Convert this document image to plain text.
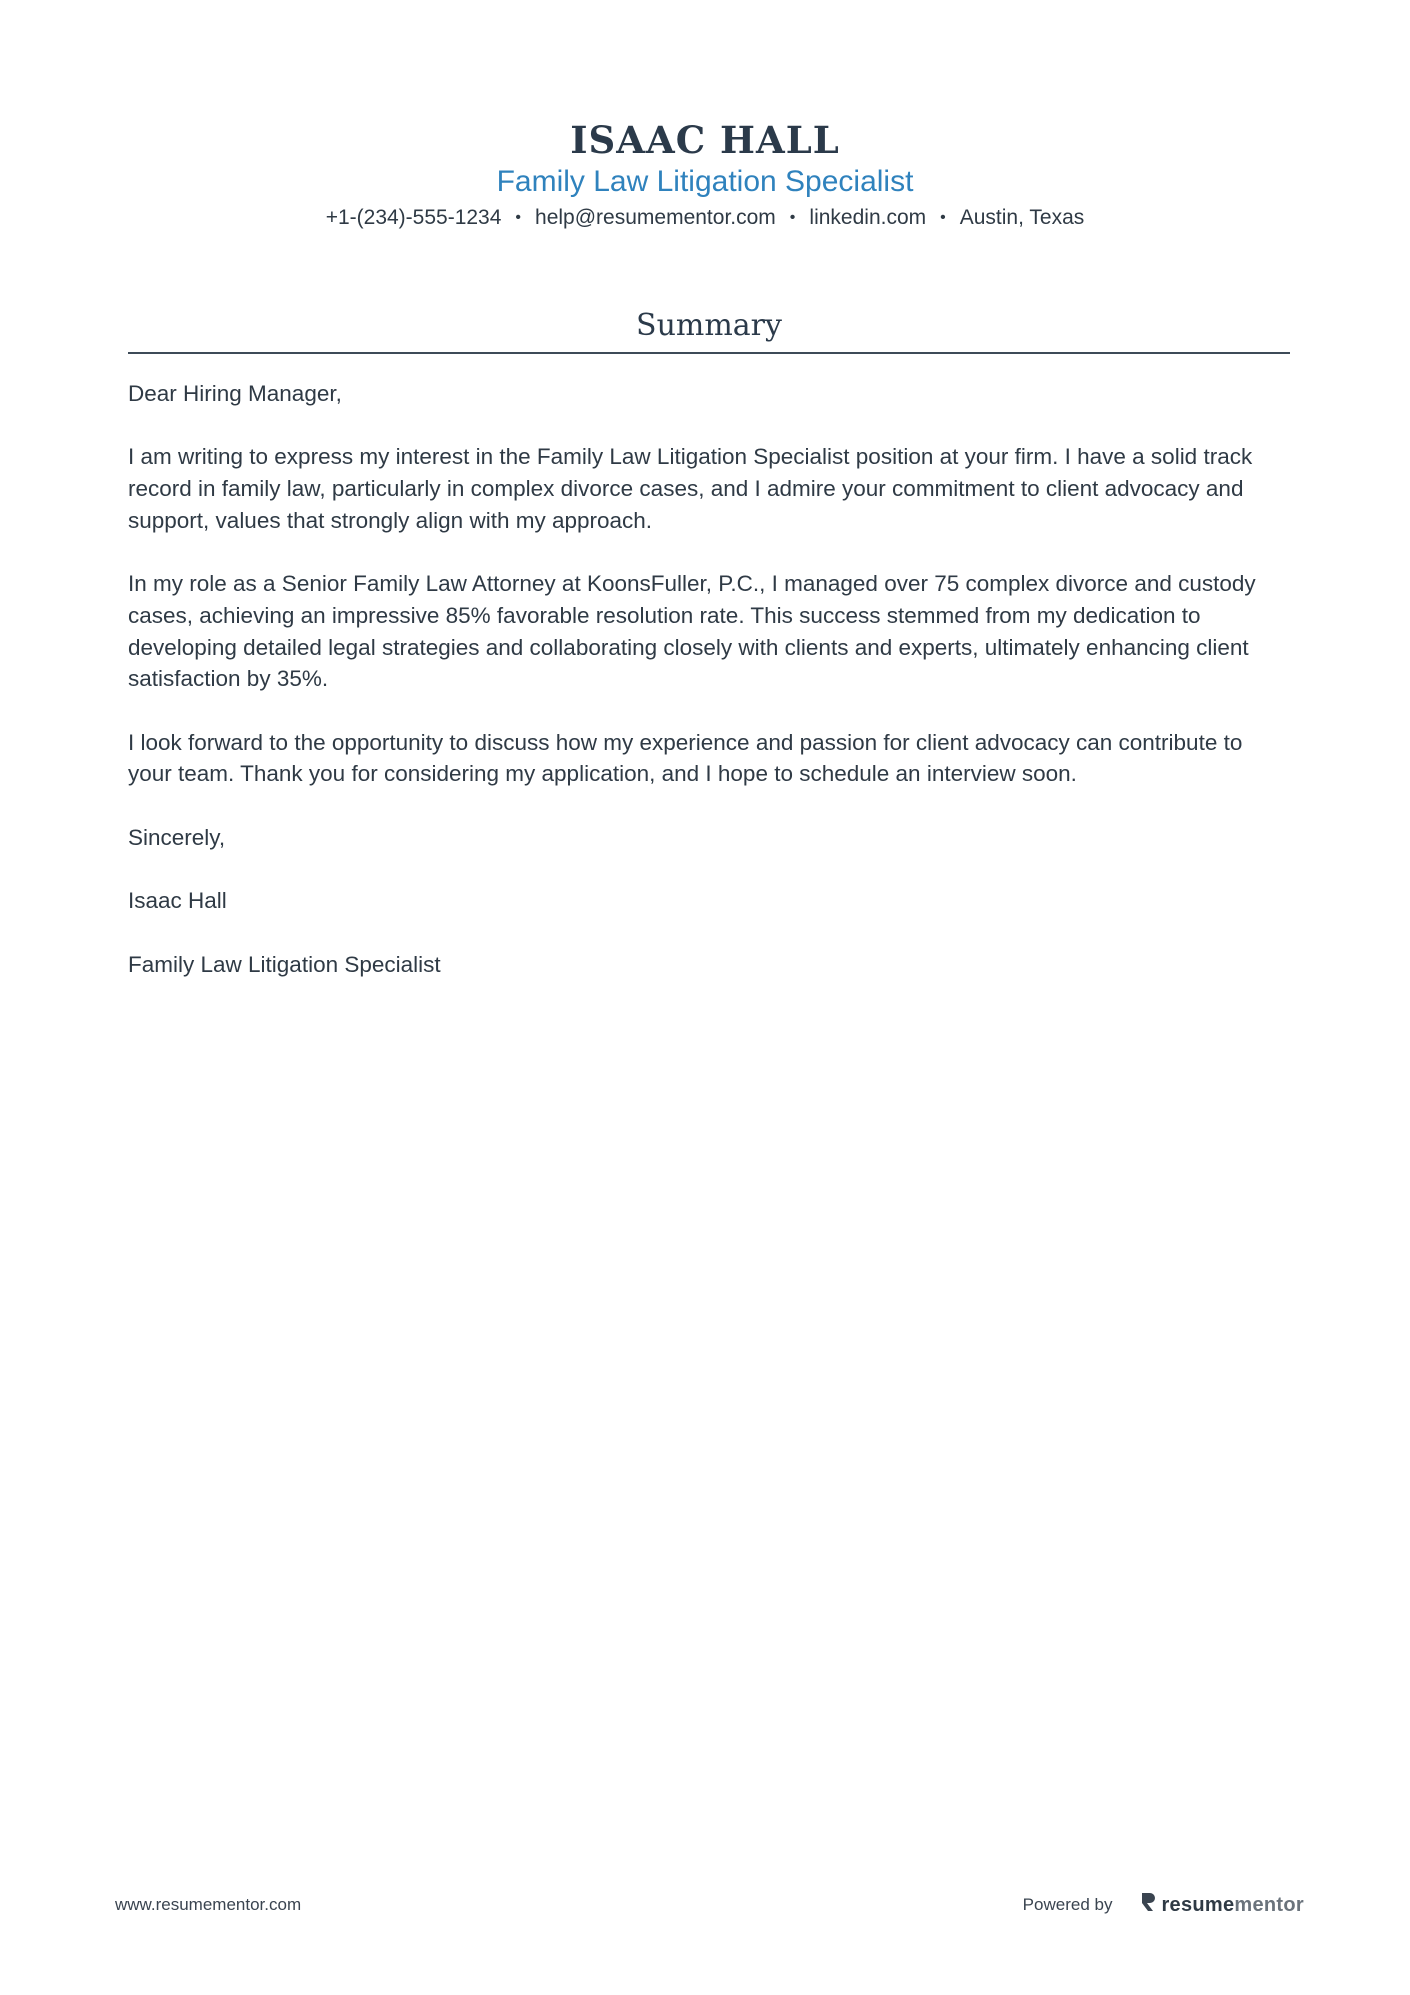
ISAAC HALL
Family Law Litigation Specialist
+1-(234)-555-1234 • help@resumementor.com • linkedin.com • Austin, Texas
Summary

Dear Hiring Manager,

I am writing to express my interest in the Family Law Litigation Specialist position at your firm. I have a solid track record in family law, particularly in complex divorce cases, and I admire your commitment to client advocacy and support, values that strongly align with my approach.

In my role as a Senior Family Law Attorney at KoonsFuller, P.C., I managed over 75 complex divorce and custody cases, achieving an impressive 85% favorable resolution rate. This success stemmed from my dedication to developing detailed legal strategies and collaborating closely with clients and experts, ultimately enhancing client satisfaction by 35%.

I look forward to the opportunity to discuss how my experience and passion for client advocacy can contribute to your team. Thank you for considering my application, and I hope to schedule an interview soon.

Sincerely,

Isaac Hall

Family Law Litigation Specialist

www.resumementor.com	Powered by resume mentor
